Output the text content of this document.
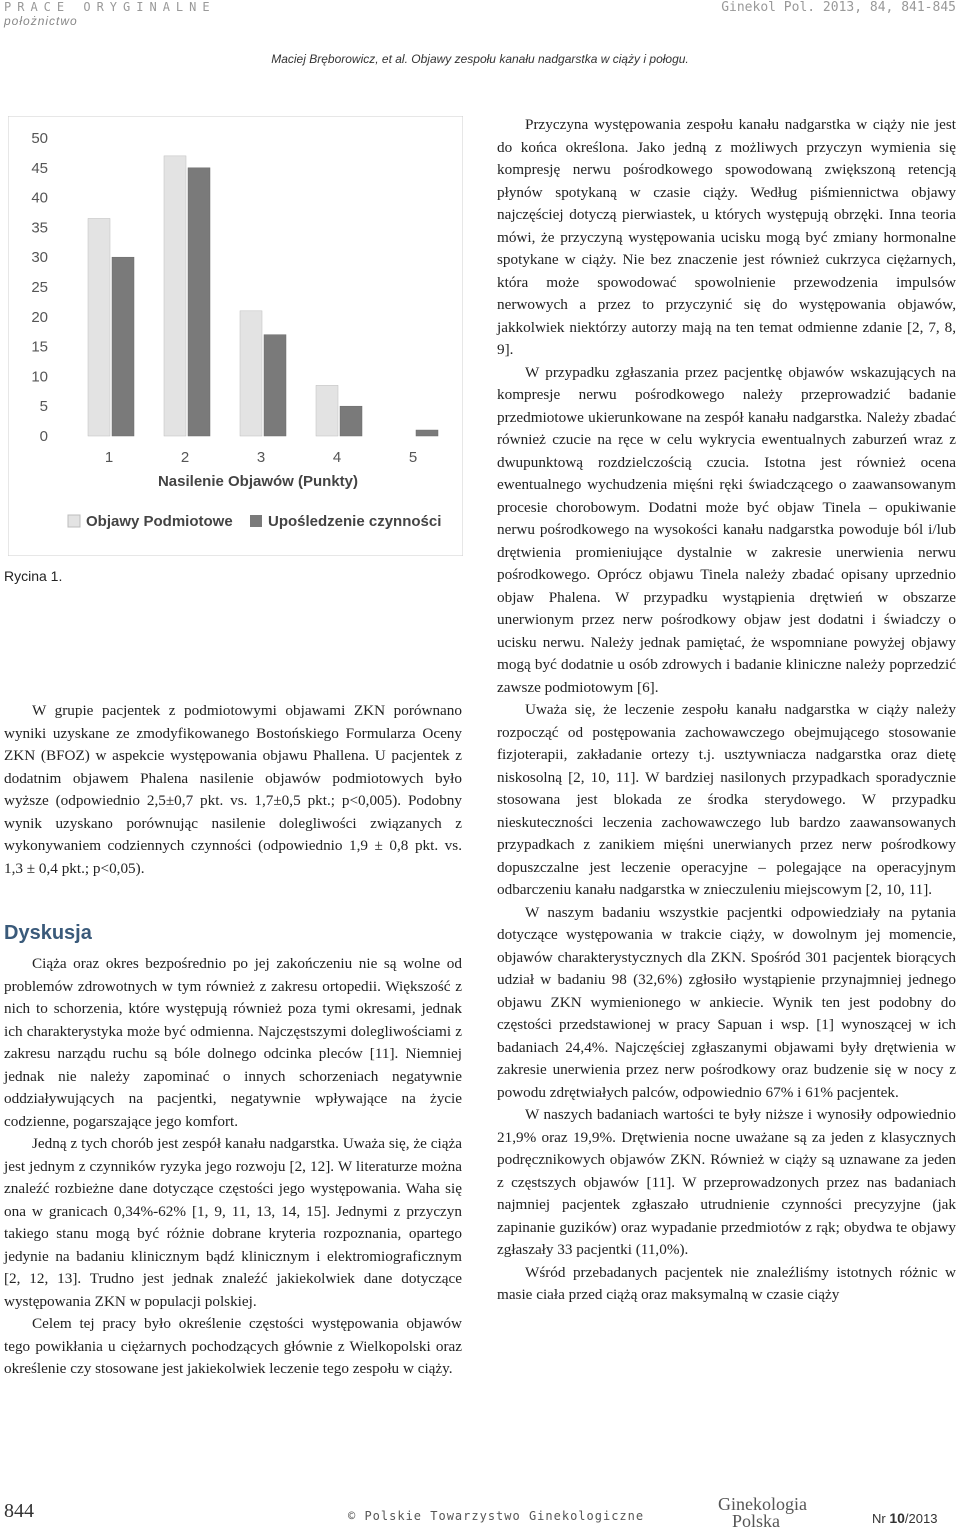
PRACE ORYGINALNE
położnictwo
Ginekol Pol. 2013, 84, 841-845
Maciej Bręborowicz, et al. Objawy zespołu kanału nadgarstka w ciąży i połogu.
0
5
10
15
20
25
30
35
40
45
50
1	2	3	4	5
Nasilenie Objawów (Punkty)
Objawy Podmiotowe Upośledzenie czynności
Rycina 1.

W grupie pacjentek z podmiotowymi objawami ZKN porównano wyniki uzyskane ze zmodyfikowanego Bostońskiego Formularza Oceny ZKN (BFOZ) w aspekcie występowania objawu Phallena. U pacjentek z dodatnim objawem Phalena nasilenie objawów podmiotowych było wyższe (odpowiednio 2,5±0,7 pkt. vs. 1,7±0,5 pkt.; p<0,005). Podobny wynik uzyskano porównując nasilenie dolegliwości związanych z wykonywaniem codziennych czynności (odpowiednio 1,9 ± 0,8 pkt. vs. 1,3 ± 0,4 pkt.; p<0,05).

Dyskusja

Ciąża oraz okres bezpośrednio po jej zakończeniu nie są wolne od problemów zdrowotnych w tym również z zakresu ortopedii. Większość z nich to schorzenia, które występują również poza tymi okresami, jednak ich charakterystyka może być odmienna. Najczęstszymi dolegliwościami z zakresu narządu ruchu są bóle dolnego odcinka pleców [11]. Niemniej jednak nie należy zapominać o innych schorzeniach negatywnie oddziaływujących na pacjentki, negatywnie wpływające na życie codzienne, pogarszające jego komfort.

Jedną z tych chorób jest zespół kanału nadgarstka. Uważa się, że ciąża jest jednym z czynników ryzyka jego rozwoju [2, 12]. W literaturze można znaleźć rozbieżne dane dotyczące częstości jego występowania. Waha się ona w granicach 0,34%-62% [1, 9, 11, 13, 14, 15]. Jednymi z przyczyn takiego stanu mogą być różnie dobrane kryteria rozpoznania, opartego jedynie na badaniu klinicznym bądź klinicznym i elektromiograficznym [2, 12, 13]. Trudno jest jednak znaleźć jakiekolwiek dane dotyczące występowania ZKN w populacji polskiej.

Celem tej pracy było określenie częstości występowania objawów tego powikłania u ciężarnych pochodzących głównie z Wielkopolski oraz określenie czy stosowane jest jakiekolwiek leczenie tego zespołu w ciąży.

Przyczyna występowania zespołu kanału nadgarstka w ciąży nie jest do końca określona. Jako jedną z możliwych przyczyn wymienia się kompresję nerwu pośrodkowego spowodowaną zwiększoną retencją płynów spotykaną w czasie ciąży. Według piśmiennictwa objawy najczęściej dotyczą pierwiastek, u których występują obrzęki. Inna teoria mówi, że przyczyną występowania ucisku mogą być zmiany hormonalne spotykane w ciąży. Nie bez znaczenie jest również cukrzyca ciężarnych, która może spowodować spowolnienie przewodzenia impulsów nerwowych a przez to przyczynić się do występowania objawów, jakkolwiek niektórzy autorzy mają na ten temat odmienne zdanie [2, 7, 8, 9].

W przypadku zgłaszania przez pacjentkę objawów wskazujących na kompresje nerwu pośrodkowego należy przeprowadzić badanie przedmiotowe ukierunkowane na zespół kanału nadgarstka. Należy zbadać również czucie na ręce w celu wykrycia ewentualnych zaburzeń wraz z dwupunktową rozdzielczością czucia. Istotna jest również ocena ewentualnego wychudzenia mięśni ręki świadczącego o zaawansowanym procesie chorobowym. Dodatni może być objaw Tinela – opukiwanie nerwu pośrodkowego na wysokości kanału nadgarstka powoduje ból i/lub drętwienia promieniujące dystalnie w zakresie unerwienia nerwu pośrodkowego. Oprócz objawu Tinela należy zbadać opisany uprzednio objaw Phalena. W przypadku wystąpienia drętwień w obszarze unerwionym przez nerw pośrodkowy objaw jest dodatni i świadczy o ucisku nerwu. Należy jednak pamiętać, że wspomniane powyżej objawy mogą być dodatnie u osób zdrowych i badanie kliniczne należy poprzedzić zawsze podmiotowym [6].

Uważa się, że leczenie zespołu kanału nadgarstka w ciąży należy rozpocząć od postępowania zachowawczego obejmującego stosowanie fizjoterapii, zakładanie ortezy t.j. usztywniacza nadgarstka oraz dietę niskosolną [2, 10, 11]. W bardziej nasilonych przypadkach sporadycznie stosowana jest blokada ze środka sterydowego. W przypadku nieskuteczności leczenia zachowawczego lub bardzo zaawansowanych przypadkach z zanikiem mięśni unerwianych przez nerw pośrodkowy dopuszczalne jest leczenie operacyjne – polegające na operacyjnym odbarczeniu kanału nadgarstka w znieczuleniu miejscowym [2, 10, 11].

W naszym badaniu wszystkie pacjentki odpowiedziały na pytania dotyczące występowania w trakcie ciąży, w dowolnym jej momencie, objawów charakterystycznych dla ZKN. Spośród 301 pacjentek biorących udział w badaniu 98 (32,6%) zgłosiło wystąpienie przynajmniej jednego objawu ZKN wymienionego w ankiecie. Wynik ten jest podobny do częstości przedstawionej w pracy Sapuan i wsp. [1] wynoszącej w ich badaniach 24,4%. Najczęściej zgłaszanymi objawami były drętwienia w zakresie unerwienia przez nerw pośrodkowy oraz budzenie się w nocy z powodu zdrętwiałych palców, odpowiednio 67% i 61% pacjentek.

W naszych badaniach wartości te były niższe i wynosiły odpowiednio 21,9% oraz 19,9%. Drętwienia nocne uważane są za jeden z klasycznych podręcznikowych objawów ZKN. Również w ciąży są uznawane za jeden z częstszych objawów [11]. W przeprowadzonych przez nas badaniach najmniej pacjentek zgłaszało utrudnienie czynności precyzyjne (jak zapinanie guzików) oraz wypadanie przedmiotów z rąk; obydwa te objawy zgłaszały 33 pacjentki (11,0%).

Wśród przebadanych pacjentek nie znaleźliśmy istotnych różnic w masie ciała przed ciążą oraz maksymalną w czasie ciąży

844	© Polskie Towarzystwo Ginekologiczne
Ginekologia
Polska	Nr 10/2013
